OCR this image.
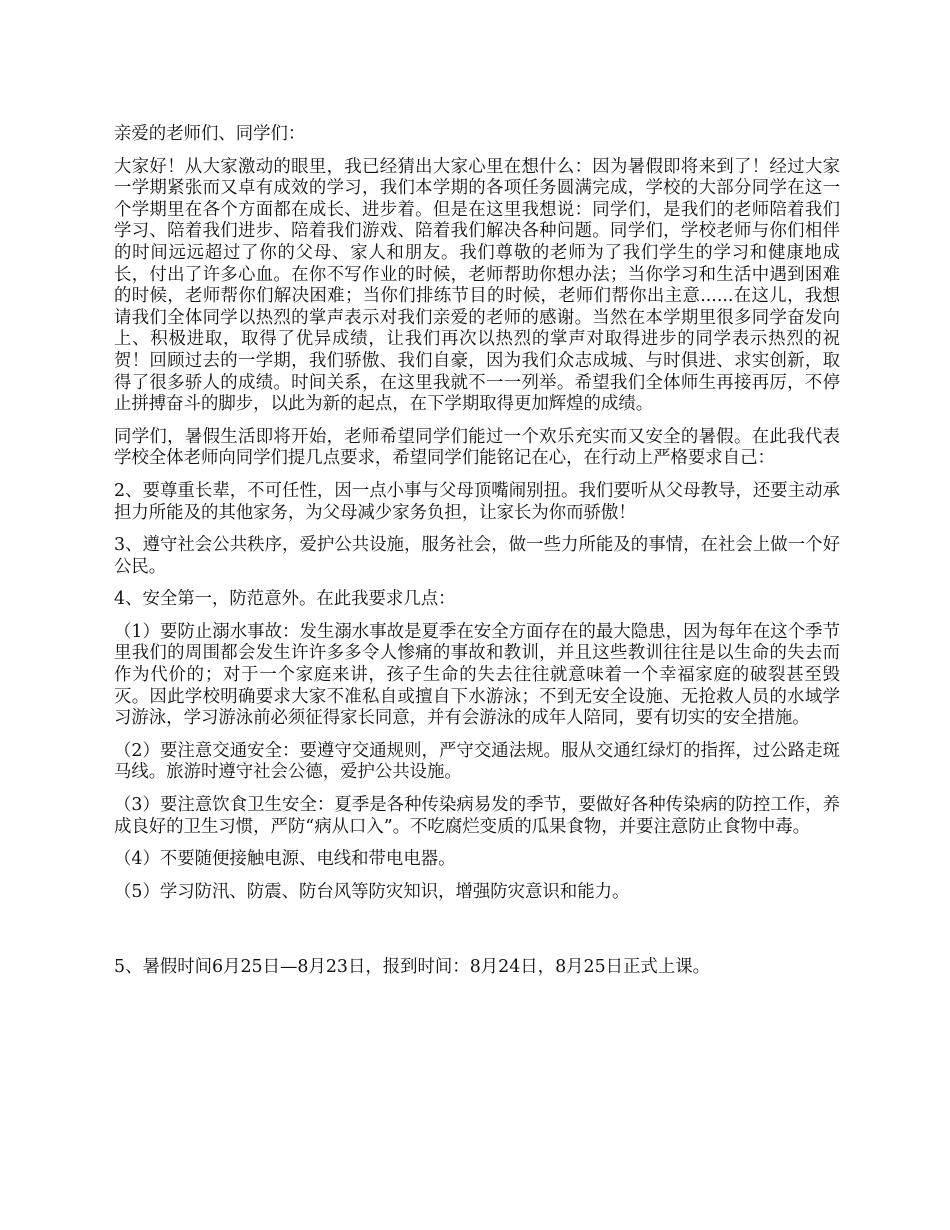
亲爱的老师们、同学们：

大家好！从大家激动的眼里，我已经猜出大家心里在想什么：因为暑假即将来到了！经过大家一学期紧张而又卓有成效的学习，我们本学期的各项任务圆满完成，学校的大部分同学在这一个学期里在各个方面都在成长、进步着。但是在这里我想说：同学们，是我们的老师陪着我们学习、陪着我们进步、陪着我们游戏、陪着我们解决各种问题。同学们，学校老师与你们相伴的时间远远超过了你的父母、家人和朋友。我们尊敬的老师为了我们学生的学习和健康地成长，付出了许多心血。在你不写作业的时候，老师帮助你想办法；当你学习和生活中遇到困难的时候，老师帮你们解决困难；当你们排练节目的时候，老师们帮你出主意......在这儿，我想请我们全体同学以热烈的掌声表示对我们亲爱的老师的感谢。当然在本学期里很多同学奋发向上、积极进取，取得了优异成绩，让我们再次以热烈的掌声对取得进步的同学表示热烈的祝贺！回顾过去的一学期，我们骄傲、我们自豪，因为我们众志成城、与时俱进、求实创新，取得了很多骄人的成绩。时间关系，在这里我就不一一列举。希望我们全体师生再接再厉，不停止拼搏奋斗的脚步，以此为新的起点，在下学期取得更加辉煌的成绩。

同学们，暑假生活即将开始，老师希望同学们能过一个欢乐充实而又安全的暑假。在此我代表学校全体老师向同学们提几点要求，希望同学们能铭记在心，在行动上严格要求自己：

2、要尊重长辈，不可任性，因一点小事与父母顶嘴闹别扭。我们要听从父母教导，还要主动承担力所能及的其他家务，为父母减少家务负担，让家长为你而骄傲！

3、遵守社会公共秩序，爱护公共设施，服务社会，做一些力所能及的事情，在社会上做一个好公民。

4、安全第一，防范意外。在此我要求几点：

（1）要防止溺水事故：发生溺水事故是夏季在安全方面存在的最大隐患，因为每年在这个季节里我们的周围都会发生许许多多令人惨痛的事故和教训，并且这些教训往往是以生命的失去而作为代价的；对于一个家庭来讲，孩子生命的失去往往就意味着一个幸福家庭的破裂甚至毁灭。因此学校明确要求大家不准私自或擅自下水游泳；不到无安全设施、无抢救人员的水域学习游泳，学习游泳前必须征得家长同意，并有会游泳的成年人陪同，要有切实的安全措施。

（2）要注意交通安全：要遵守交通规则，严守交通法规。服从交通红绿灯的指挥，过公路走斑马线。旅游时遵守社会公德，爱护公共设施。

（3）要注意饮食卫生安全：夏季是各种传染病易发的季节，要做好各种传染病的防控工作，养成良好的卫生习惯，严防“病从口入”。不吃腐烂变质的瓜果食物，并要注意防止食物中毒。

（4）不要随便接触电源、电线和带电电器。

（5）学习防汛、防震、防台风等防灾知识，增强防灾意识和能力。

5、暑假时间6月25日—8月23日，报到时间：8月24日，8月25日正式上课。
